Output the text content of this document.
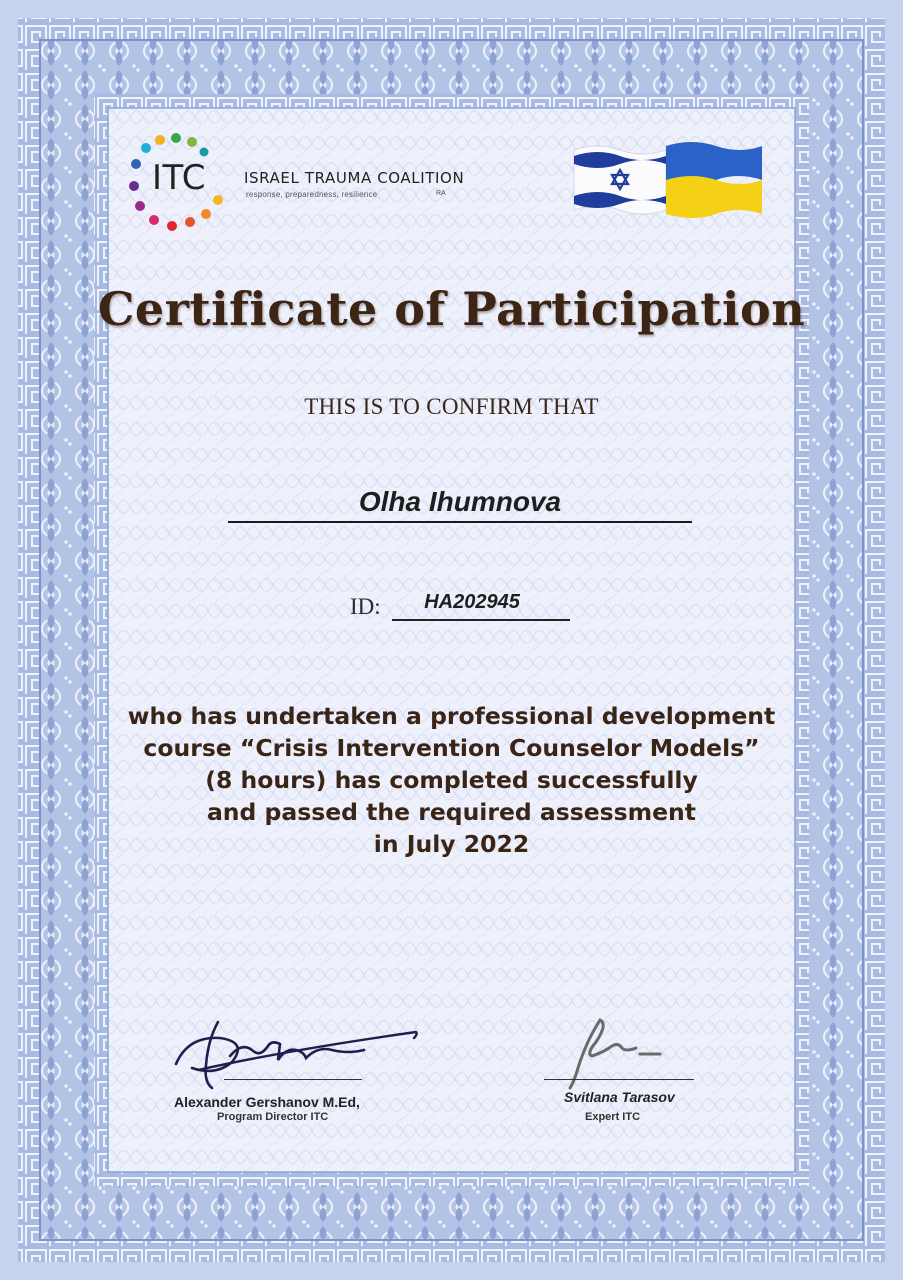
ITC	ISRAEL TRAUMA COALITION
response, preparedness, resilience	RA
Certificate of Participation
THIS IS TO CONFIRM THAT
Olha Ihumnova
ID:	HA202945
who has undertaken a professional development
course “Crisis Intervention Counselor Models”
(8 hours) has completed successfully
and passed the required assessment
in July 2022
Alexander Gershanov M.Ed,
Program Director ITC
Svitlana Tarasov
Expert ITC
